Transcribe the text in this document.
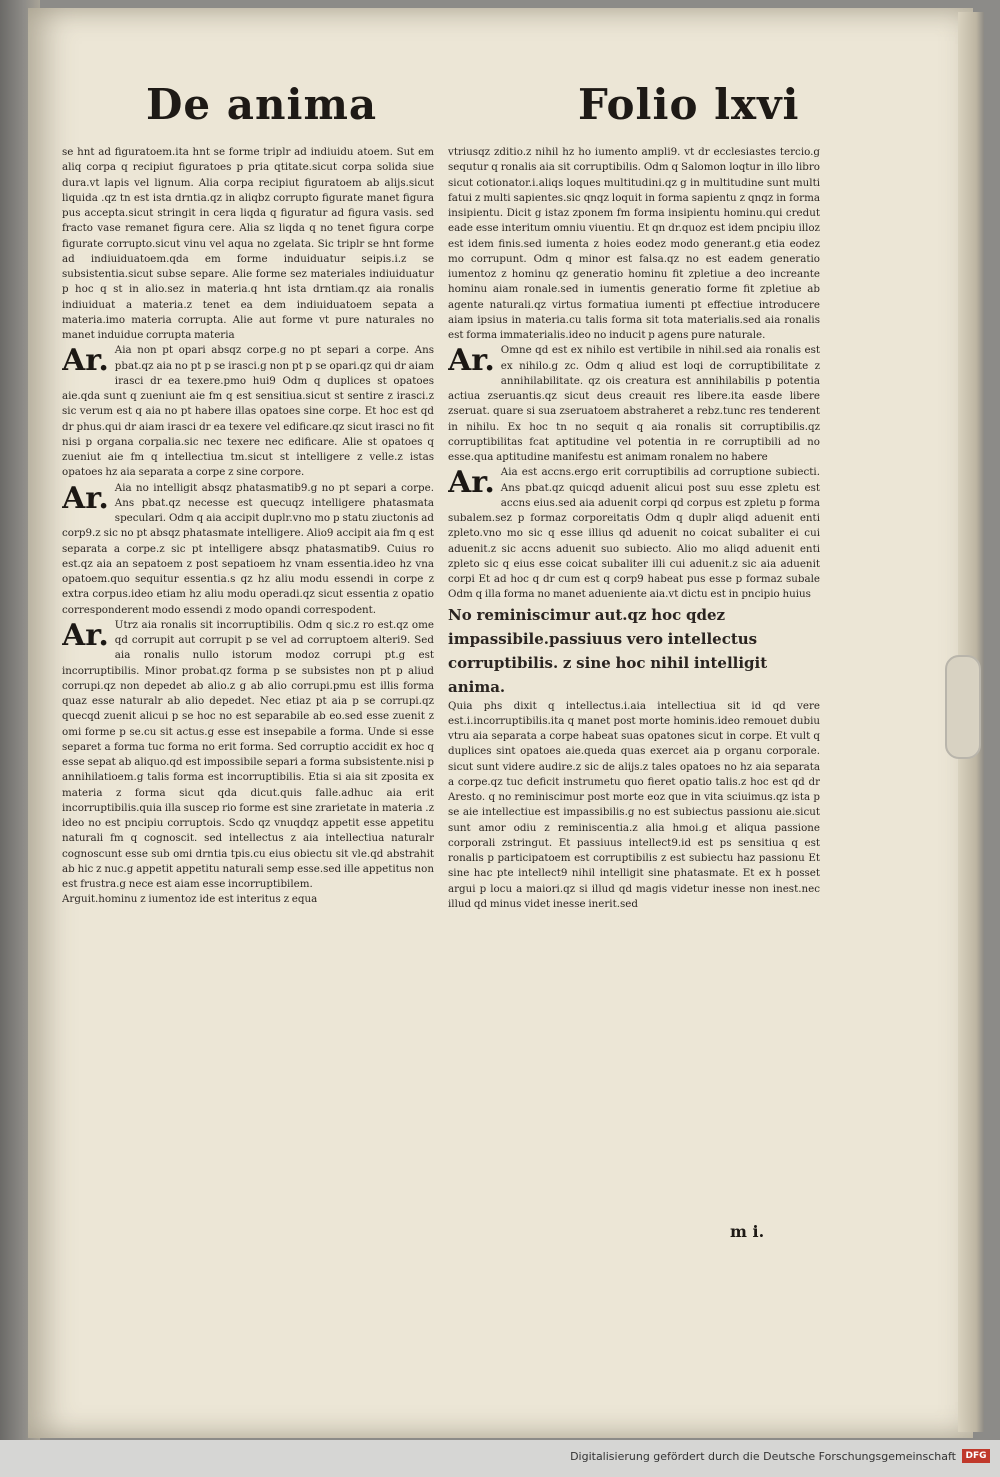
De anima	Folio lxvi

se hnt ad figuratoem.ita hnt se forme triplr ad indiuidu atoem. Sut em aliq corpa q recipiut figuratoes p pria qtitate.sicut corpa solida siue dura.vt lapis vel lignum. Alia corpa recipiut figuratoem ab alijs.sicut liquida .qz tn est ista drntia.qz in aliqbz corrupto figurate manet figura pus accepta.sicut stringit in cera liqda q figuratur ad figura vasis. sed fracto vase remanet figura cere. Alia sz liqda q no tenet figura corpe figurate corrupto.sicut vinu vel aqua no zgelata. Sic triplr se hnt forme ad indiuiduatoem.qda em forme induiduatur seipis.i.z se subsistentia.sicut subse separe. Alie forme sez materiales indiuiduatur p hoc q st in alio.sez in materia.q hnt ista drntiam.qz aia ronalis indiuiduat a materia.z tenet ea dem indiuiduatoem sepata a materia.imo materia corrupta. Alie aut forme vt pure naturales no manet induidue corrupta materia

Ar. Aia non pt opari absqz corpe.g no pt separi a corpe. Ans pbat.qz aia no pt p se irasci.g non pt p se opari.qz qui dr aiam irasci dr ea texere.pmo hui9 Odm q duplices st opatoes aie.qda sunt q zueniunt aie fm q est sensitiua.sicut st sentire z irasci.z sic verum est q aia no pt habere illas opatoes sine corpe. Et hoc est qd dr phus.qui dr aiam irasci dr ea texere vel edificare.qz sicut irasci no fit nisi p organa corpalia.sic nec texere nec edificare. Alie st opatoes q zueniut aie fm q intellectiua tm.sicut st intelligere z velle.z istas opatoes hz aia separata a corpe z sine corpore.

Ar. Aia no intelligit absqz phatasmatib9.g no pt separi a corpe. Ans pbat.qz necesse est quecuqz intelligere phatasmata speculari. Odm q aia accipit duplr.vno mo p statu ziuctonis ad corp9.z sic no pt absqz phatasmate intelligere. Alio9 accipit aia fm q est separata a corpe.z sic pt intelligere absqz phatasmatib9. Cuius ro est.qz aia an sepatoem z post sepatioem hz vnam essentia.ideo hz vna opatoem.quo sequitur essentia.s qz hz aliu modu essendi in corpe z extra corpus.ideo etiam hz aliu modu operadi.qz sicut essentia z opatio corresponderent modo essendi z modo opandi correspodent.

Ar. Utrz aia ronalis sit incorruptibilis. Odm q sic.z ro est.qz ome qd corrupit aut corrupit p se vel ad corruptoem alteri9. Sed aia ronalis nullo istorum modoz corrupi pt.g est incorruptibilis. Minor probat.qz forma p se subsistes non pt p aliud corrupi.qz non depedet ab alio.z g ab alio corrupi.pmu est illis forma quaz esse naturalr ab alio depedet. Nec etiaz pt aia p se corrupi.qz quecqd zuenit alicui p se hoc no est separabile ab eo.sed esse zuenit z omi forme p se.cu sit actus.g esse est insepabile a forma. Unde si esse separet a forma tuc forma no erit forma. Sed corruptio accidit ex hoc q esse sepat ab aliquo.qd est impossibile separi a forma subsistente.nisi p annihilatioem.g talis forma est incorruptibilis. Etia si aia sit zposita ex materia z forma sicut qda dicut.quis falle.adhuc aia erit incorruptibilis.quia illa suscep rio forme est sine zrarietate in materia .z ideo no est pncipiu corruptois. Scdo qz vnuqdqz appetit esse appetitu naturali fm q cognoscit. sed intellectus z aia intellectiua naturalr cognoscunt esse sub omi drntia tpis.cu eius obiectu sit vle.qd abstrahit ab hic z nuc.g appetit appetitu naturali semp esse.sed ille appetitus non est frustra.g nece est aiam esse incorruptibilem.

Arguit.hominu z iumentoz ide est interitus z equa

vtriusqz zditio.z nihil hz ho iumento ampli9. vt dr ecclesiastes tercio.g sequtur q ronalis aia sit corruptibilis. Odm q Salomon loqtur in illo libro sicut cotionator.i.aliqs loques multitudini.qz g in multitudine sunt multi fatui z multi sapientes.sic qnqz loquit in forma sapientu z qnqz in forma insipientu. Dicit g istaz zponem fm forma insipientu hominu.qui credut eade esse interitum omniu viuentiu. Et qn dr.quoz est idem pncipiu illoz est idem finis.sed iumenta z hoies eodez modo generant.g etia eodez mo corrupunt. Odm q minor est falsa.qz no est eadem generatio iumentoz z hominu qz generatio hominu fit zpletiue a deo increante hominu aiam ronale.sed in iumentis generatio forme fit zpletiue ab agente naturali.qz virtus formatiua iumenti pt effectiue introducere aiam ipsius in materia.cu talis forma sit tota materialis.sed aia ronalis est forma immaterialis.ideo no inducit p agens pure naturale.

Ar. Omne qd est ex nihilo est vertibile in nihil.sed aia ronalis est ex nihilo.g zc. Odm q aliud est loqi de corruptibilitate z annihilabilitate. qz ois creatura est annihilabilis p potentia actiua zseruantis.qz sicut deus creauit res libere.ita easde libere zseruat. quare si sua zseruatoem abstraheret a rebz.tunc res tenderent in nihilu. Ex hoc tn no sequit q aia ronalis sit corruptibilis.qz corruptibilitas fcat aptitudine vel potentia in re corruptibili ad no esse.qua aptitudine manifestu est animam ronalem no habere

Ar. Aia est accns.ergo erit corruptibilis ad corruptione subiecti. Ans pbat.qz quicqd aduenit alicui post suu esse zpletu est accns eius.sed aia aduenit corpi qd corpus est zpletu p forma subalem.sez p formaz corporeitatis Odm q duplr aliqd aduenit enti zpleto.vno mo sic q esse illius qd aduenit no coicat subaliter ei cui aduenit.z sic accns aduenit suo subiecto. Alio mo aliqd aduenit enti zpleto sic q eius esse coicat subaliter illi cui aduenit.z sic aia aduenit corpi Et ad hoc q dr cum est q corp9 habeat pus esse p formaz subale Odm q illa forma no manet adueniente aia.vt dictu est in pncipio huius

No reminiscimur aut.qz hoc qdez impassibile.passiuus vero intellectus corruptibilis. z sine hoc nihil intelligit anima.

Quia phs dixit q intellectus.i.aia intellectiua sit id qd vere est.i.incorruptibilis.ita q manet post morte hominis.ideo remouet dubiu vtru aia separata a corpe habeat suas opatones sicut in corpe. Et vult q duplices sint opatoes aie.queda quas exercet aia p organu corporale. sicut sunt videre audire.z sic de alijs.z tales opatoes no hz aia separata a corpe.qz tuc deficit instrumetu quo fieret opatio talis.z hoc est qd dr Aresto. q no reminiscimur post morte eoz que in vita sciuimus.qz ista p se aie intellectiue est impassibilis.g no est subiectus passionu aie.sicut sunt amor odiu z reminiscentia.z alia hmoi.g et aliqua passione corporali zstringut. Et passiuus intellect9.id est ps sensitiua q est ronalis p participatoem est corruptibilis z est subiectu haz passionu Et sine hac pte intellect9 nihil intelligit sine phatasmate. Et ex h posset argui p locu a maiori.qz si illud qd magis videtur inesse non inest.nec illud qd minus videt inesse inerit.sed

m i.
Digitalisierung gefördert durch die Deutsche Forschungsgemeinschaft	DFG
